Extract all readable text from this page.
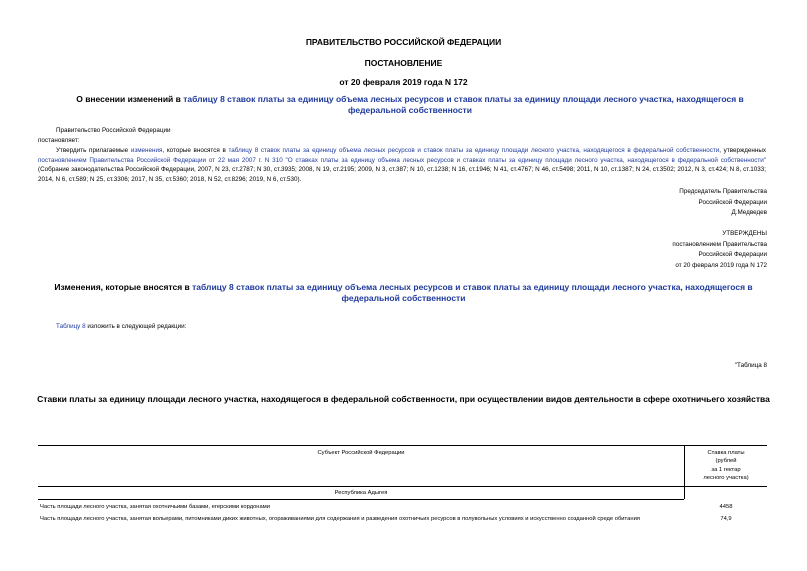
ПРАВИТЕЛЬСТВО РОССИЙСКОЙ ФЕДЕРАЦИИ
ПОСТАНОВЛЕНИЕ
от 20 февраля 2019 года N 172
О внесении изменений в таблицу 8 ставок платы за единицу объема лесных ресурсов и ставок платы за единицу площади лесного участка, находящегося в федеральной собственности
Правительство Российской Федерации
постановляет:
Утвердить прилагаемые изменения, которые вносятся в таблицу 8 ставок платы за единицу объема лесных ресурсов и ставок платы за единицу площади лесного участка, находящегося в федеральной собственности, утвержденных постановлением Правительства Российской Федерации от 22 мая 2007 г. N 310 "О ставках платы за единицу объема лесных ресурсов и ставках платы за единицу площади лесного участка, находящегося в федеральной собственности" (Собрание законодательства Российской Федерации, 2007, N 23, ст.2787; N 30, ст.3935; 2008, N 19, ст.2195; 2009, N 3, ст.387; N 10, ст.1238; N 16, ст.1946; N 41, ст.4767; N 46, ст.5498; 2011, N 10, ст.1387; N 24, ст.3502; 2012, N 3, ст.424; N 8, ст.1033; 2014, N 6, ст.589; N 25, ст.3306; 2017, N 35, ст.5360; 2018, N 52, ст.8296; 2019, N 6, ст.530).
Председатель Правительства
Российской Федерации
Д.Медведев
УТВЕРЖДЕНЫ
постановлением Правительства
Российской Федерации
от 20 февраля 2019 года N 172
Изменения, которые вносятся в таблицу 8 ставок платы за единицу объема лесных ресурсов и ставок платы за единицу площади лесного участка, находящегося в федеральной собственности
Таблицу 8 изложить в следующей редакции:
"Таблица 8
Ставки платы за единицу площади лесного участка, находящегося в федеральной собственности, при осуществлении видов деятельности в сфере охотничьего хозяйства
Субъект Российской Федерации	Ставка платы
(рублей
за 1 гектар
лесного участка)
Республика Адыгея
Часть площади лесного участка, занятая охотничьими базами, егерскими кордонами	4458
Часть площади лесного участка, занятая вольерами, питомниками диких животных, огораживаниями для содержания и разведения охотничьих ресурсов в полувольных условиях и искусственно созданной среде обитания	74,9
